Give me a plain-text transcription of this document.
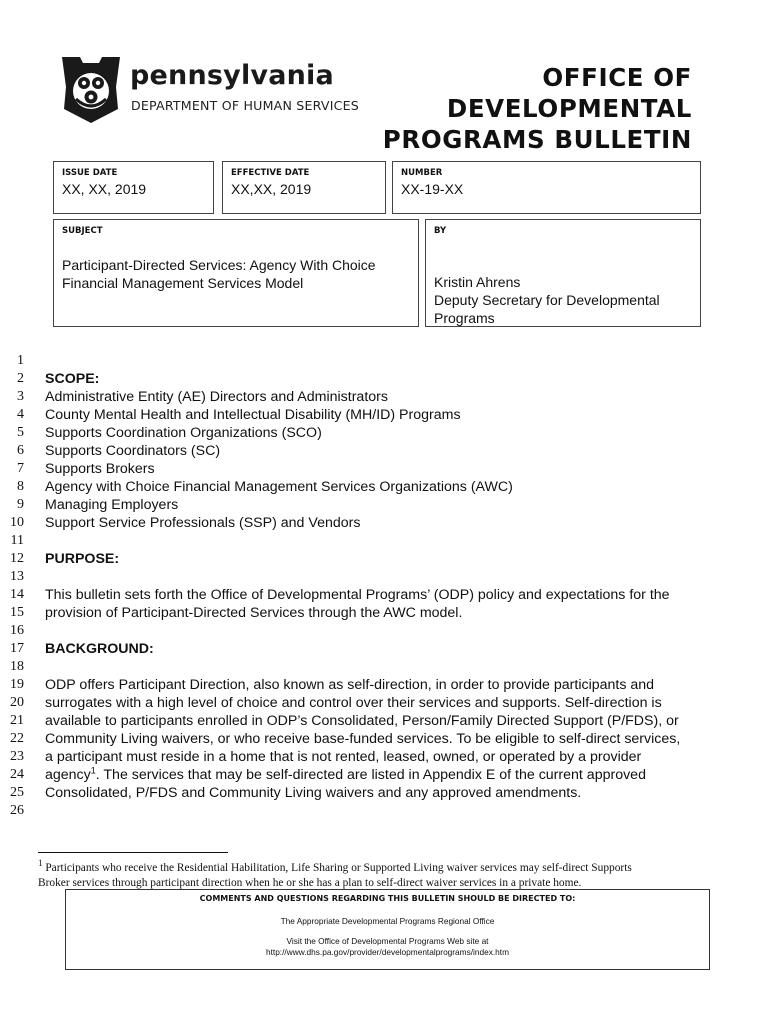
pennsylvania
DEPARTMENT OF HUMAN SERVICES
OFFICE OF
DEVELOPMENTAL
PROGRAMS BULLETIN
ISSUE DATE
XX, XX, 2019
EFFECTIVE DATE
XX,XX, 2019
NUMBER
XX-19-XX
SUBJECT
Participant-Directed Services: Agency With Choice
Financial Management Services Model
BY
Kristin Ahrens
Deputy Secretary for Developmental
Programs
1
2 SCOPE:
3 Administrative Entity (AE) Directors and Administrators
4 County Mental Health and Intellectual Disability (MH/ID) Programs
5 Supports Coordination Organizations (SCO)
6 Supports Coordinators (SC)
7 Supports Brokers
8 Agency with Choice Financial Management Services Organizations (AWC)
9 Managing Employers
10 Support Service Professionals (SSP) and Vendors
11
12 PURPOSE:
13
14 This bulletin sets forth the Office of Developmental Programs’ (ODP) policy and expectations for the
15 provision of Participant-Directed Services through the AWC model.
16
17 BACKGROUND:
18
19 ODP offers Participant Direction, also known as self-direction, in order to provide participants and
20 surrogates with a high level of choice and control over their services and supports. Self-direction is
21 available to participants enrolled in ODP’s Consolidated, Person/Family Directed Support (P/FDS), or
22 Community Living waivers, or who receive base-funded services. To be eligible to self-direct services,
23 a participant must reside in a home that is not rented, leased, owned, or operated by a provider
24 agency$^1$. The services that may be self-directed are listed in Appendix E of the current approved
25 Consolidated, P/FDS and Community Living waivers and any approved amendments.
26
$^1$ Participants who receive the Residential Habilitation, Life Sharing or Supported Living waiver services may self-direct Supports
Broker services through participant direction when he or she has a plan to self-direct waiver services in a private home.
COMMENTS AND QUESTIONS REGARDING THIS BULLETIN SHOULD BE DIRECTED TO:
The Appropriate Developmental Programs Regional Office
Visit the Office of Developmental Programs Web site at
http://www.dhs.pa.gov/provider/developmentalprograms/index.htm
